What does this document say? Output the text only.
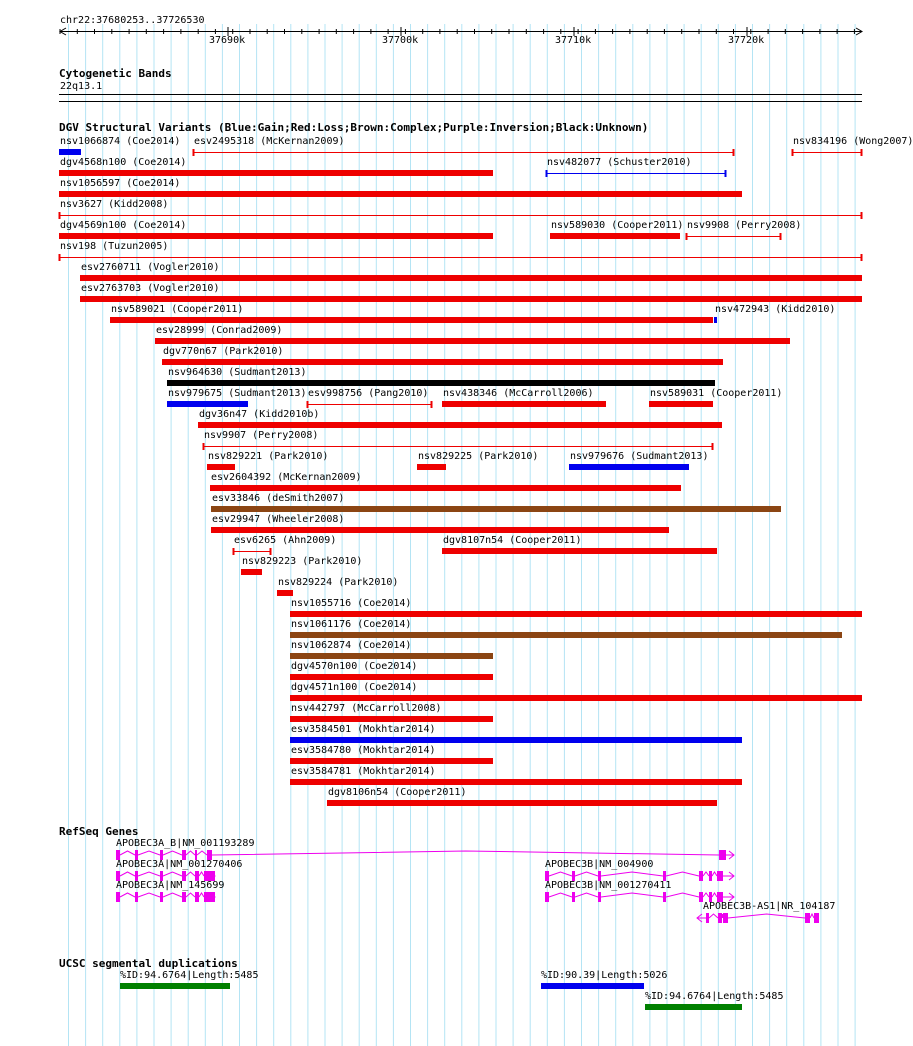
chr22:37680253..37726530
Cytogenetic Bands
22q13.1
DGV Structural Variants (Blue:Gain;Red:Loss;Brown:Complex;Purple:Inversion;Black:Unknown)
nsv1066874 (Coe2014) esv2495318 (McKernan2009)	nsv834196 (Wong2007)
dgv4568n100 (Coe2014)	nsv482077 (Schuster2010)
nsv1056597 (Coe2014)
nsv3627 (Kidd2008)
dgv4569n100 (Coe2014)	nsv589030 (Cooper2011) nsv9908 (Perry2008)
nsv198 (Tuzun2005)
esv2760711 (Vogler2010)
esv2763703 (Vogler2010)
nsv589021 (Cooper2011)	nsv472943 (Kidd2010)
esv28999 (Conrad2009)
dgv770n67 (Park2010)
nsv964630 (Sudmant2013)
nsv979675 (Sudmant2013) esv998756 (Pang2010) nsv438346 (McCarroll2006)	nsv589031 (Cooper2011)
dgv36n47 (Kidd2010b)
nsv9907 (Perry2008)
nsv829221 (Park2010)	nsv829225 (Park2010)	nsv979676 (Sudmant2013)
esv2604392 (McKernan2009)
esv33846 (deSmith2007)
esv29947 (Wheeler2008)
esv6265 (Ahn2009)	dgv8107n54 (Cooper2011)
nsv829223 (Park2010)
nsv829224 (Park2010)
nsv1055716 (Coe2014)
nsv1061176 (Coe2014)
nsv1062874 (Coe2014)
dgv4570n100 (Coe2014)
dgv4571n100 (Coe2014)
nsv442797 (McCarroll2008)
esv3584501 (Mokhtar2014)
esv3584780 (Mokhtar2014)
esv3584781 (Mokhtar2014)
dgv8106n54 (Cooper2011)
RefSeq Genes
APOBEC3A_B|NM_001193289
APOBEC3A|NM_001270406	APOBEC3B|NM_004900
APOBEC3A|NM_145699	APOBEC3B|NM_001270411
APOBEC3B-AS1|NR_104187
UCSC segmental duplications
%ID:94.6764|Length:5485	%ID:90.39|Length:5026
%ID:94.6764|Length:5485
37690k	37700k	37710k	37720k
